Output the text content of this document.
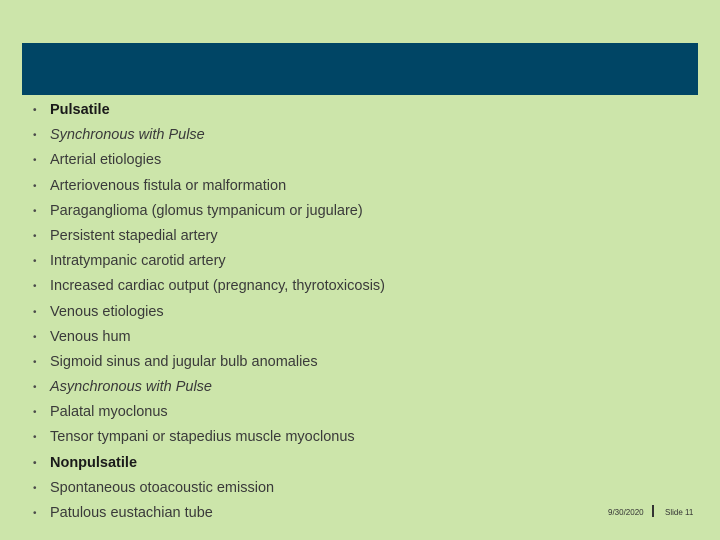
• Pulsatile
• Synchronous with Pulse
• Arterial etiologies
• Arteriovenous fistula or malformation
• Paraganglioma (glomus tympanicum or jugulare)
• Persistent stapedial artery
• Intratympanic carotid artery
• Increased cardiac output (pregnancy, thyrotoxicosis)
• Venous etiologies
• Venous hum
• Sigmoid sinus and jugular bulb anomalies
• Asynchronous with Pulse
• Palatal myoclonus
• Tensor tympani or stapedius muscle myoclonus
• Nonpulsatile
• Spontaneous otoacoustic emission
• Patulous eustachian tube	9/30/2020	Slide 11
